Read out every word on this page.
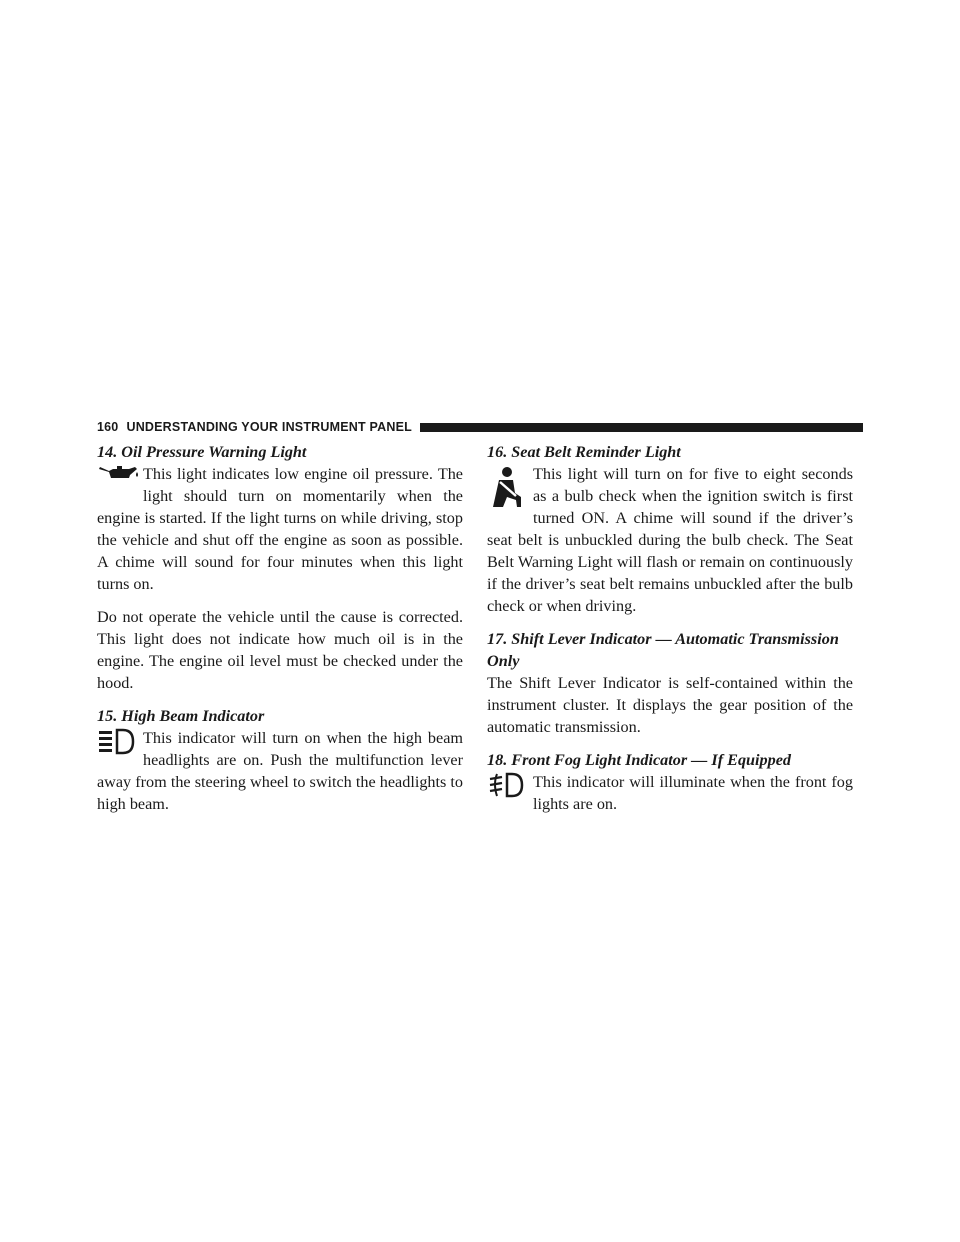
160 UNDERSTANDING YOUR INSTRUMENT PANEL

14. Oil Pressure Warning Light

This light indicates low engine oil pressure. The light should turn on momentarily when the engine is started. If the light turns on while driving, stop the vehicle and shut off the engine as soon as possible. A chime will sound for four minutes when this light turns on.

Do not operate the vehicle until the cause is corrected. This light does not indicate how much oil is in the engine. The engine oil level must be checked under the hood.

15. High Beam Indicator

This indicator will turn on when the high beam headlights are on. Push the multifunction lever away from the steering wheel to switch the headlights to high beam.

16. Seat Belt Reminder Light

This light will turn on for five to eight seconds as a bulb check when the ignition switch is first turned ON. A chime will sound if the driver’s seat belt is unbuckled during the bulb check. The Seat Belt Warning Light will flash or remain on continuously if the driver’s seat belt remains unbuckled after the bulb check or when driving.

17. Shift Lever Indicator — Automatic Transmission Only

The Shift Lever Indicator is self-contained within the instrument cluster. It displays the gear position of the automatic transmission.

18. Front Fog Light Indicator — If Equipped

This indicator will illuminate when the front fog lights are on.
